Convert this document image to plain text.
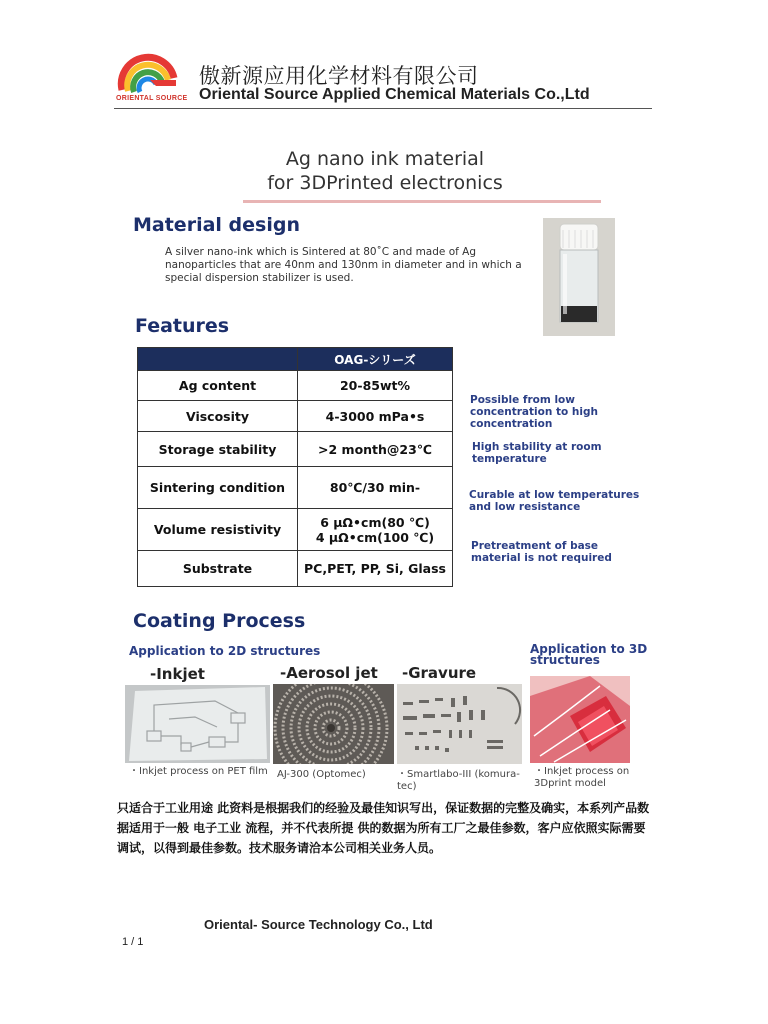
ORIENTAL SOURCE
傲新源应用化学材料有限公司
Oriental Source Applied Chemical Materials Co.,Ltd
Ag nano ink material
for 3DPrinted electronics
Material design
A silver nano-ink which is Sintered at 80˚C and made of Ag nanoparticles that are 40nm and 130nm in diameter and in which a special dispersion stabilizer is used.
Features
	OAG-シリーズ
Ag content	20-85wt%
Viscosity	4-3000 mPa•s
Storage stability	>2 month@23℃
Sintering condition	80℃/30 min-
Volume resistivity	6 μΩ•cm(80 ℃)
4 μΩ•cm(100 ℃)

Substrate	PC,PET, PP, Si, Glass
Possible from low concentration to high concentration
High stability at room temperature
Curable at low temperatures and low resistance
Pretreatment of base material is not required
Coating Process
Application to 2D structures	Application to 3D structures
-Inkjet	-Aerosol jet -Gravure
・Inkjet process on PET film AJ-300 (Optomec)	・Smartlabo-III (komura-tec)
・Inkjet process on 3Dprint model
只适合于工业用途 此资料是根据我们的经验及最佳知识写出，保证数据的完整及确实，本系列产品数据适用于一般 电子工业 流程，并不代表所提 供的数据为所有工厂之最佳参数，客户应依照实际需要调试，以得到最佳参数。技术服务请洽本公司相关业务人员。
Oriental- Source Technology Co., Ltd
1 / 1
